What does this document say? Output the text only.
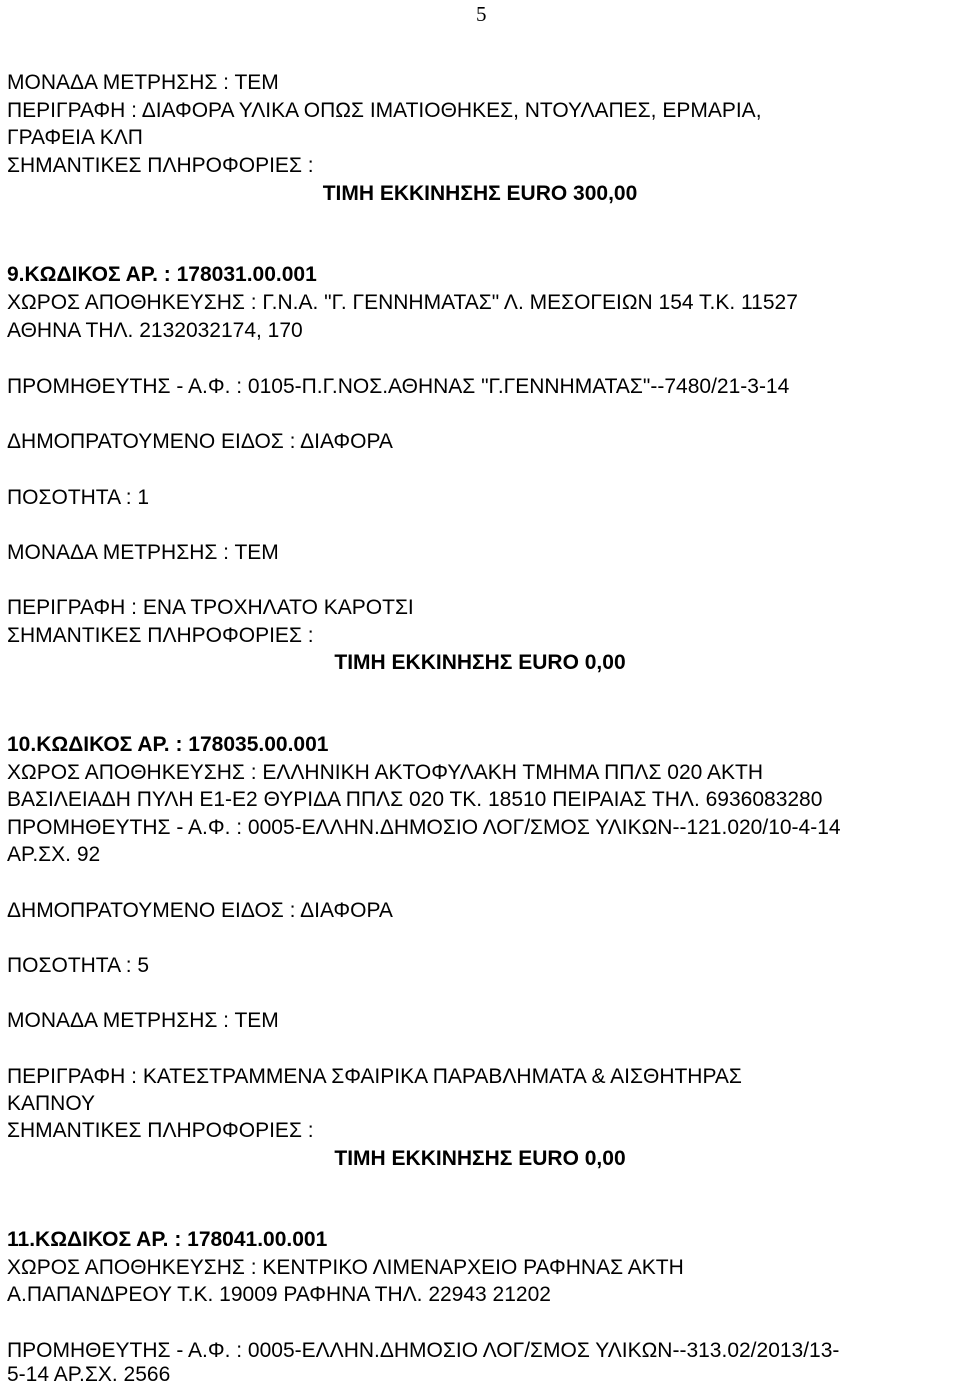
5
ΜΟΝΑΔΑ ΜΕΤΡΗΣΗΣ : ΤΕΜ
ΠΕΡΙΓΡΑΦΗ : ΔΙΑΦΟΡΑ ΥΛΙΚΑ ΟΠΩΣ ΙΜΑΤΙΟΘΗΚΕΣ, ΝΤΟΥΛΑΠΕΣ, ΕΡΜΑΡΙΑ,
ΓΡΑΦΕΙΑ ΚΛΠ
ΣΗΜΑΝΤΙΚΕΣ ΠΛΗΡΟΦΟΡΙΕΣ :
ΤΙΜΗ ΕΚΚΙΝΗΣΗΣ EURO 300,00
9.ΚΩΔΙΚΟΣ ΑΡ. : 178031.00.001
ΧΩΡΟΣ ΑΠΟΘΗΚΕΥΣΗΣ : Γ.Ν.Α. "Γ. ΓΕΝΝΗΜΑΤΑΣ" Λ. ΜΕΣΟΓΕΙΩΝ 154 Τ.Κ. 11527
ΑΘΗΝΑ ΤΗΛ. 2132032174, 170
ΠΡΟΜΗΘΕΥΤΗΣ - Α.Φ. : 0105-Π.Γ.ΝΟΣ.ΑΘΗΝΑΣ "Γ.ΓΕΝΝΗΜΑΤΑΣ"--7480/21-3-14
ΔΗΜΟΠΡΑΤΟΥΜΕΝΟ ΕΙΔΟΣ : ΔΙΑΦΟΡΑ
ΠΟΣΟΤΗΤΑ : 1
ΜΟΝΑΔΑ ΜΕΤΡΗΣΗΣ : ΤΕΜ
ΠΕΡΙΓΡΑΦΗ : ΕΝΑ ΤΡΟΧΗΛΑΤΟ ΚΑΡΟΤΣΙ
ΣΗΜΑΝΤΙΚΕΣ ΠΛΗΡΟΦΟΡΙΕΣ :
ΤΙΜΗ ΕΚΚΙΝΗΣΗΣ EURO 0,00
10.ΚΩΔΙΚΟΣ ΑΡ. : 178035.00.001
ΧΩΡΟΣ ΑΠΟΘΗΚΕΥΣΗΣ : ΕΛΛΗΝΙΚΗ ΑΚΤΟΦΥΛΑΚΗ ΤΜΗΜΑ ΠΠΛΣ 020 ΑΚΤΗ
ΒΑΣΙΛΕΙΑΔΗ ΠΥΛΗ Ε1-Ε2 ΘΥΡΙΔΑ ΠΠΛΣ 020 ΤΚ. 18510 ΠΕΙΡΑΙΑΣ ΤΗΛ. 6936083280
ΠΡΟΜΗΘΕΥΤΗΣ - Α.Φ. : 0005-ΕΛΛΗΝ.ΔΗΜΟΣΙΟ ΛΟΓ/ΣΜΟΣ ΥΛΙΚΩΝ--121.020/10-4-14
ΑΡ.ΣΧ. 92
ΔΗΜΟΠΡΑΤΟΥΜΕΝΟ ΕΙΔΟΣ : ΔΙΑΦΟΡΑ
ΠΟΣΟΤΗΤΑ : 5
ΜΟΝΑΔΑ ΜΕΤΡΗΣΗΣ : ΤΕΜ
ΠΕΡΙΓΡΑΦΗ : ΚΑΤΕΣΤΡΑΜΜΕΝΑ ΣΦΑΙΡΙΚΑ ΠΑΡΑΒΛΗΜΑΤΑ & ΑΙΣΘΗΤΗΡΑΣ
ΚΑΠΝΟΥ
ΣΗΜΑΝΤΙΚΕΣ ΠΛΗΡΟΦΟΡΙΕΣ :
ΤΙΜΗ ΕΚΚΙΝΗΣΗΣ EURO 0,00
11.ΚΩΔΙΚΟΣ ΑΡ. : 178041.00.001
ΧΩΡΟΣ ΑΠΟΘΗΚΕΥΣΗΣ : ΚΕΝΤΡΙΚΟ ΛΙΜΕΝΑΡΧΕΙΟ ΡΑΦΗΝΑΣ ΑΚΤΗ
Α.ΠΑΠΑΝΔΡΕΟΥ Τ.Κ. 19009 ΡΑΦΗΝΑ ΤΗΛ. 22943 21202
ΠΡΟΜΗΘΕΥΤΗΣ - Α.Φ. : 0005-ΕΛΛΗΝ.ΔΗΜΟΣΙΟ ΛΟΓ/ΣΜΟΣ ΥΛΙΚΩΝ--313.02/2013/13-
5-14 ΑΡ.ΣΧ. 2566
